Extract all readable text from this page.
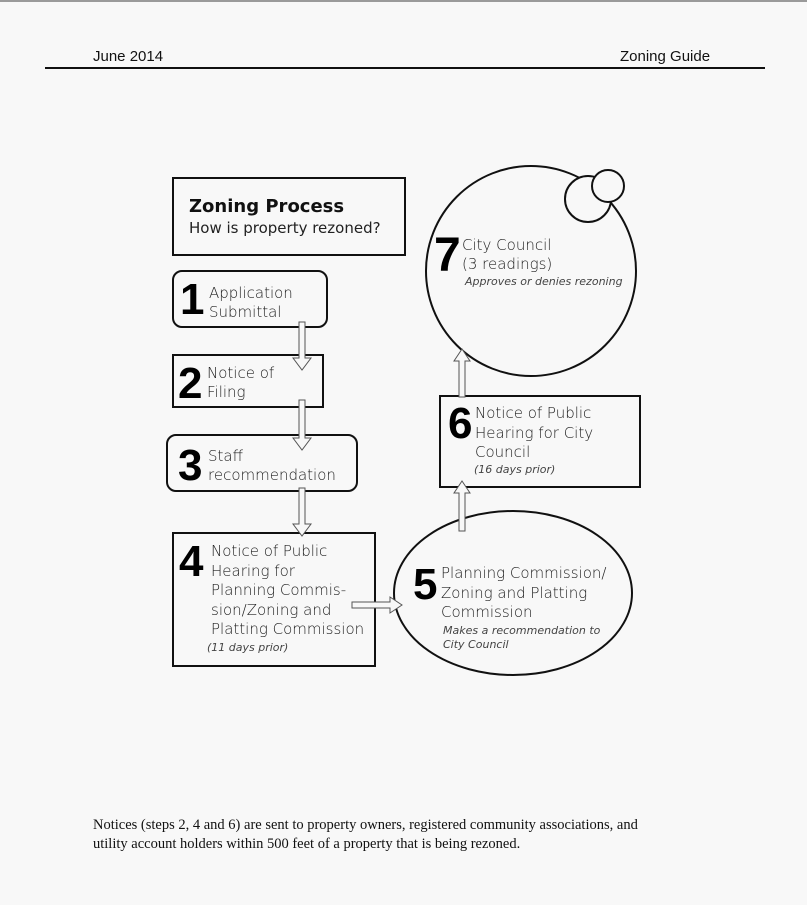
June 2014	Zoning Guide
Zoning Process
How is property rezoned?
1 Application
Submittal
2 Notice of
Filing
3 Staff
recommendation
4 Notice of Public
Hearing for
Planning Commis-
sion/Zoning and
Platting Commission
(11 days prior)
5 Planning Commission/
Zoning and Platting
Commission
Makes a recommendation to
City Council
6 Notice of Public
Hearing for City
Council
(16 days prior)
7 City Council
(3 readings)
Approves or denies rezoning
Notices (steps 2, 4 and 6) are sent to property owners, registered community associations, and
utility account holders within 500 feet of a property that is being rezoned.
